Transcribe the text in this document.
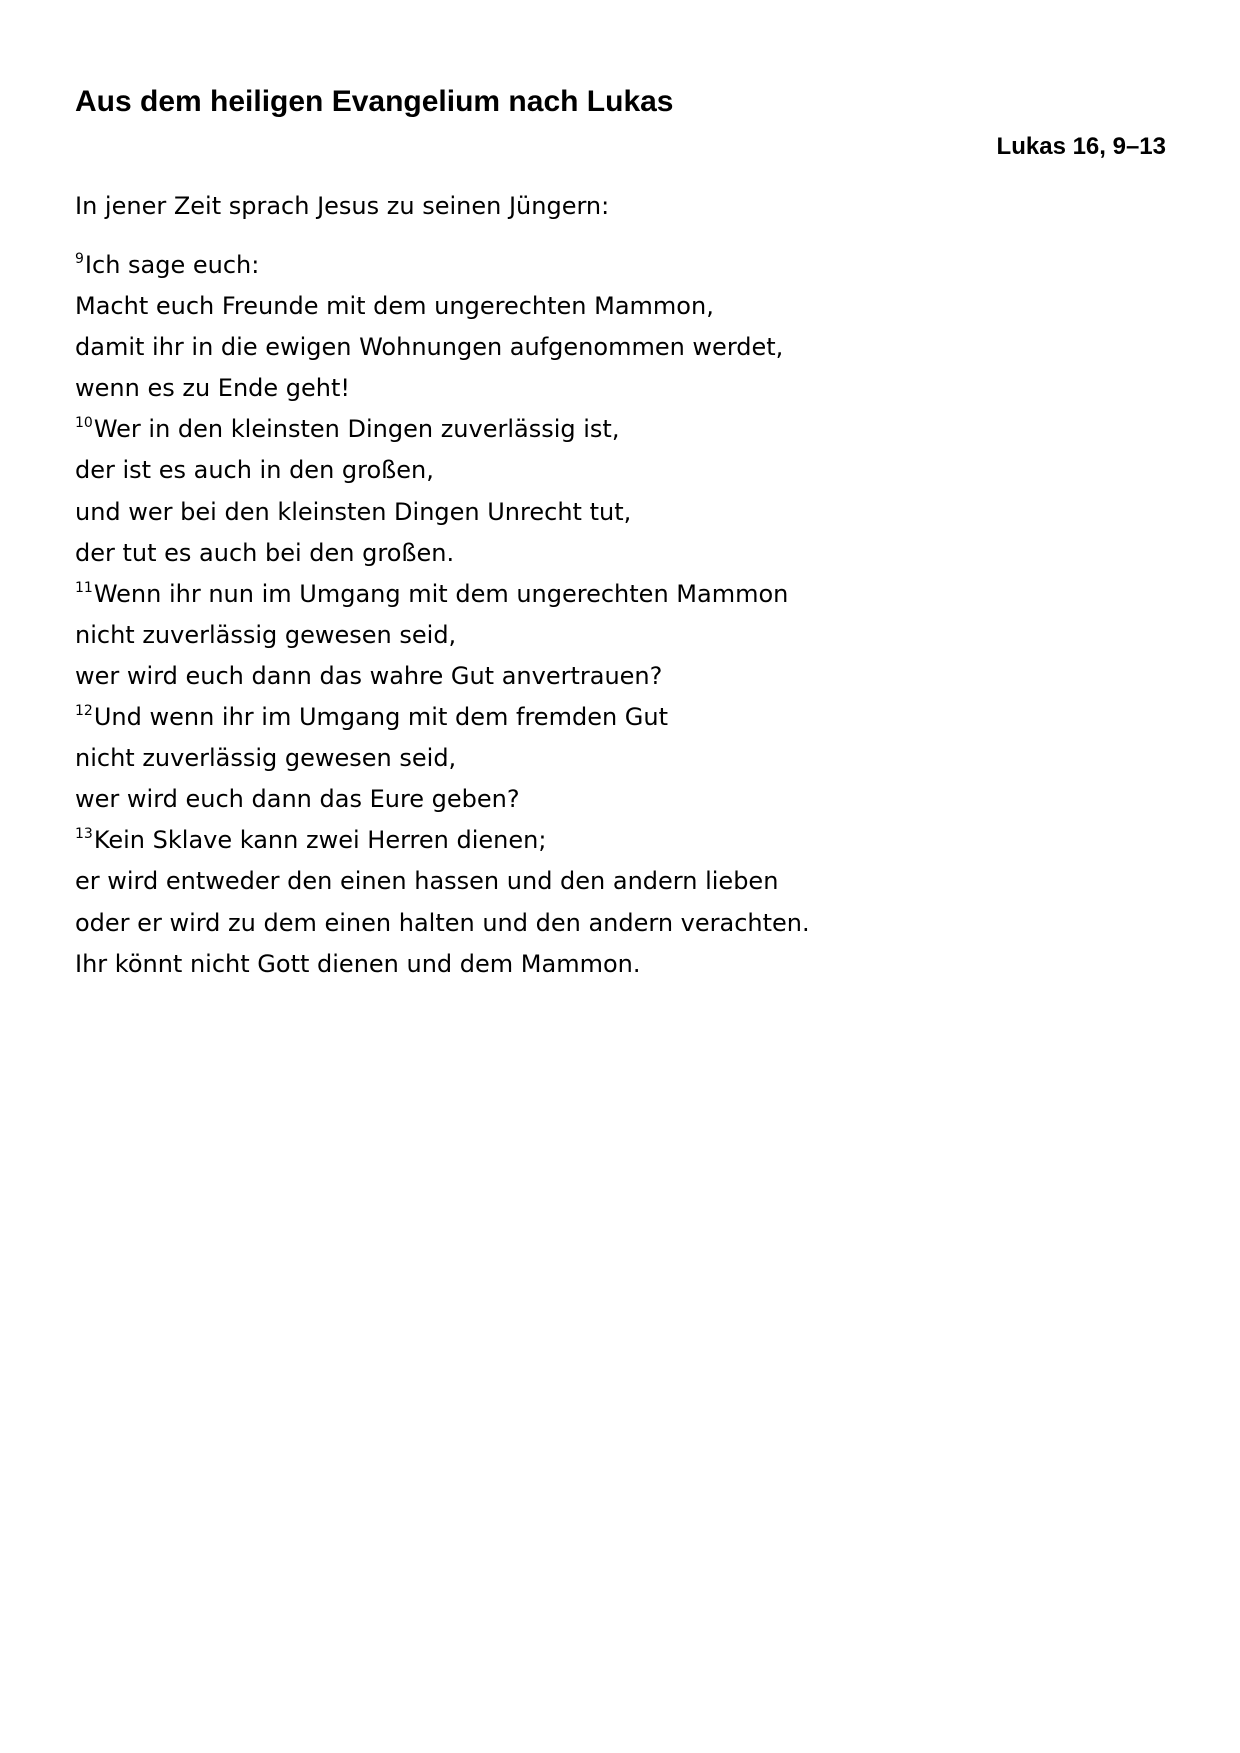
Aus dem heiligen Evangelium nach Lukas
Lukas 16, 9–13

In jener Zeit sprach Jesus zu seinen Jüngern:

$^9$Ich sage euch:
Macht euch Freunde mit dem ungerechten Mammon,
damit ihr in die ewigen Wohnungen aufgenommen werdet,
wenn es zu Ende geht!
$^{10}$Wer in den kleinsten Dingen zuverlässig ist,
der ist es auch in den großen,
und wer bei den kleinsten Dingen Unrecht tut,
der tut es auch bei den großen.
$^{11}$Wenn ihr nun im Umgang mit dem ungerechten Mammon
nicht zuverlässig gewesen seid,
wer wird euch dann das wahre Gut anvertrauen?
$^{12}$Und wenn ihr im Umgang mit dem fremden Gut
nicht zuverlässig gewesen seid,
wer wird euch dann das Eure geben?
$^{13}$Kein Sklave kann zwei Herren dienen;
er wird entweder den einen hassen und den andern lieben
oder er wird zu dem einen halten und den andern verachten.
Ihr könnt nicht Gott dienen und dem Mammon.
